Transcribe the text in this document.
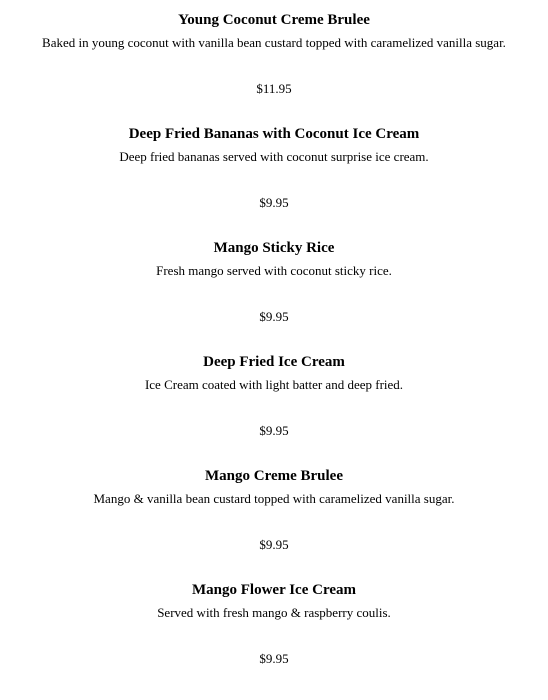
Young Coconut Creme Brulee

Baked in young coconut with vanilla bean custard topped with caramelized vanilla sugar.

$11.95

Deep Fried Bananas with Coconut Ice Cream

Deep fried bananas served with coconut surprise ice cream.

$9.95

Mango Sticky Rice

Fresh mango served with coconut sticky rice.

$9.95

Deep Fried Ice Cream

Ice Cream coated with light batter and deep fried.

$9.95

Mango Creme Brulee

Mango & vanilla bean custard topped with caramelized vanilla sugar.

$9.95

Mango Flower Ice Cream

Served with fresh mango & raspberry coulis.

$9.95
